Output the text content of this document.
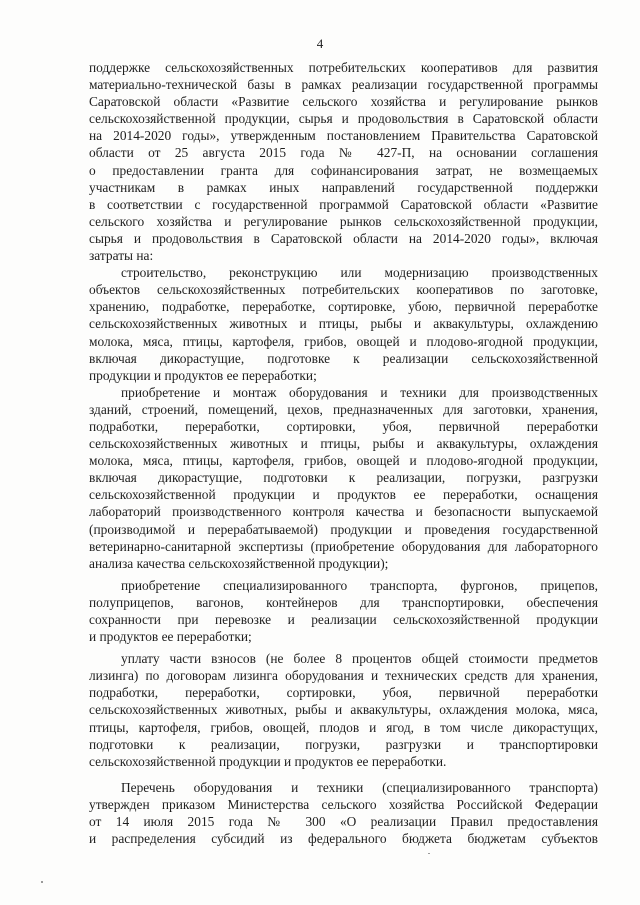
4
поддержке сельскохозяйственных потребительских кооперативов для развития
материально-технической базы в рамках реализации государственной программы
Саратовской области «Развитие сельского хозяйства и регулирование рынков
сельскохозяйственной продукции, сырья и продовольствия в Саратовской области
на 2014-2020 годы», утвержденным постановлением Правительства Саратовской
области от 25 августа 2015 года № 427-П, на основании соглашения
о предоставлении гранта для софинансирования затрат, не возмещаемых
участникам в рамках иных направлений государственной поддержки
в соответствии с государственной программой Саратовской области «Развитие
сельского хозяйства и регулирование рынков сельскохозяйственной продукции,
сырья и продовольствия в Саратовской области на 2014-2020 годы», включая
затраты на:
строительство, реконструкцию или модернизацию производственных
объектов сельскохозяйственных потребительских кооперативов по заготовке,
хранению, подработке, переработке, сортировке, убою, первичной переработке
сельскохозяйственных животных и птицы, рыбы и аквакультуры, охлаждению
молока, мяса, птицы, картофеля, грибов, овощей и плодово-ягодной продукции,
включая дикорастущие, подготовке к реализации сельскохозяйственной
продукции и продуктов ее переработки;
приобретение и монтаж оборудования и техники для производственных
зданий, строений, помещений, цехов, предназначенных для заготовки, хранения,
подработки, переработки, сортировки, убоя, первичной переработки
сельскохозяйственных животных и птицы, рыбы и аквакультуры, охлаждения
молока, мяса, птицы, картофеля, грибов, овощей и плодово-ягодной продукции,
включая дикорастущие, подготовки к реализации, погрузки, разгрузки
сельскохозяйственной продукции и продуктов ее переработки, оснащения
лабораторий производственного контроля качества и безопасности выпускаемой
(производимой и перерабатываемой) продукции и проведения государственной
ветеринарно-санитарной экспертизы (приобретение оборудования для лабораторного
анализа качества сельскохозяйственной продукции);
приобретение специализированного транспорта, фургонов, прицепов,
полуприцепов, вагонов, контейнеров для транспортировки, обеспечения
сохранности при перевозке и реализации сельскохозяйственной продукции
и продуктов ее переработки;
уплату части взносов (не более 8 процентов общей стоимости предметов
лизинга) по договорам лизинга оборудования и технических средств для хранения,
подработки, переработки, сортировки, убоя, первичной переработки
сельскохозяйственных животных, рыбы и аквакультуры, охлаждения молока, мяса,
птицы, картофеля, грибов, овощей, плодов и ягод, в том числе дикорастущих,
подготовки к реализации, погрузки, разгрузки и транспортировки
сельскохозяйственной продукции и продуктов ее переработки.
Перечень оборудования и техники (специализированного транспорта)
утвержден приказом Министерства сельского хозяйства Российской Федерации
от 14 июля 2015 года № 300 «О реализации Правил предоставления
и распределения субсидий из федерального бюджета бюджетам субъектов
